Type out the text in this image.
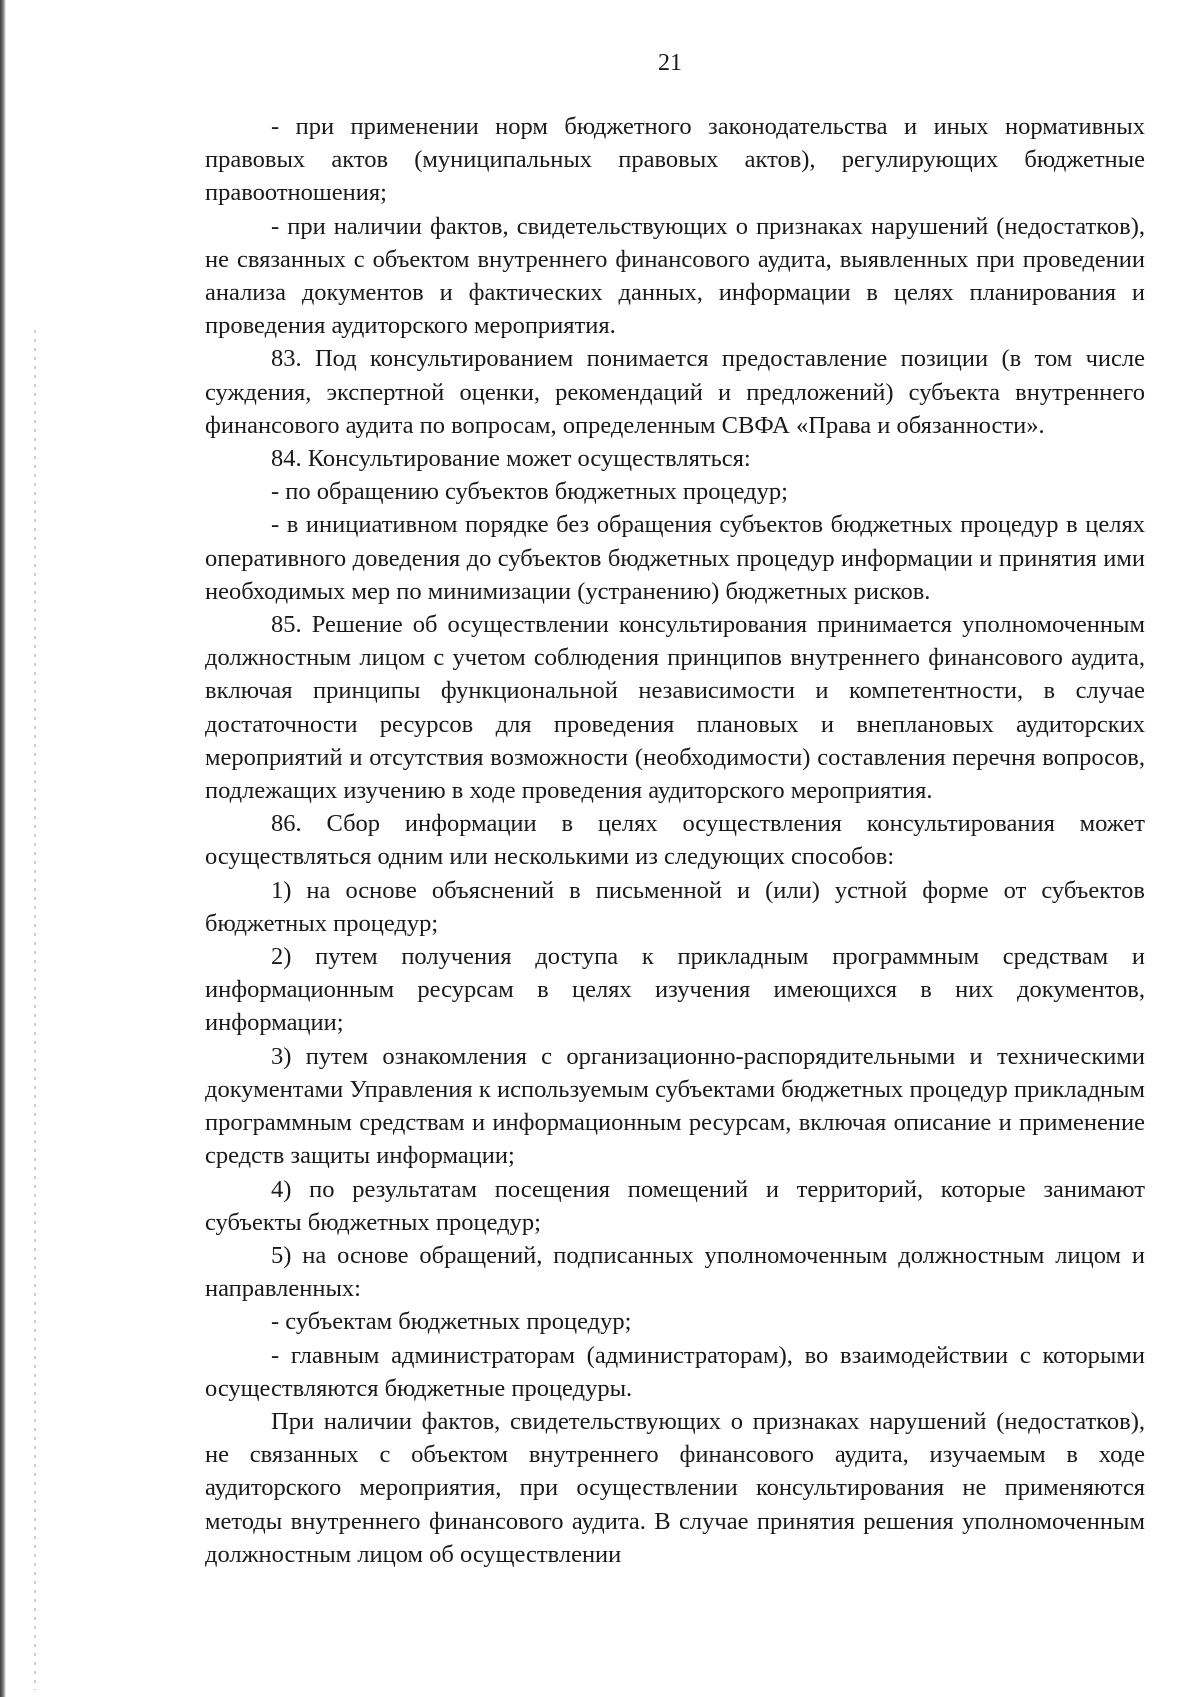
21

- при применении норм бюджетного законодательства и иных нормативных правовых актов (муниципальных правовых актов), регулирующих бюджетные правоотношения;

- при наличии фактов, свидетельствующих о признаках нарушений (недостатков), не связанных с объектом внутреннего финансового аудита, выявленных при проведении анализа документов и фактических данных, информации в целях планирования и проведения аудиторского мероприятия.

83. Под консультированием понимается предоставление позиции (в том числе суждения, экспертной оценки, рекомендаций и предложений) субъекта внутреннего финансового аудита по вопросам, определенным СВФА «Права и обязанности».

84. Консультирование может осуществляться:

- по обращению субъектов бюджетных процедур;

- в инициативном порядке без обращения субъектов бюджетных процедур в целях оперативного доведения до субъектов бюджетных процедур информации и принятия ими необходимых мер по минимизации (устранению) бюджетных рисков.

85. Решение об осуществлении консультирования принимается уполномоченным должностным лицом с учетом соблюдения принципов внутреннего финансового аудита, включая принципы функциональной независимости и компетентности, в случае достаточности ресурсов для проведения плановых и внеплановых аудиторских мероприятий и отсутствия возможности (необходимости) составления перечня вопросов, подлежащих изучению в ходе проведения аудиторского мероприятия.

86. Сбор информации в целях осуществления консультирования может осуществляться одним или несколькими из следующих способов:

1) на основе объяснений в письменной и (или) устной форме от субъектов бюджетных процедур;

2) путем получения доступа к прикладным программным средствам и информационным ресурсам в целях изучения имеющихся в них документов, информации;

3) путем ознакомления с организационно-распорядительными и техническими документами Управления к используемым субъектами бюджетных процедур прикладным программным средствам и информационным ресурсам, включая описание и применение средств защиты информации;

4) по результатам посещения помещений и территорий, которые занимают субъекты бюджетных процедур;

5) на основе обращений, подписанных уполномоченным должностным лицом и направленных:

- субъектам бюджетных процедур;

- главным администраторам (администраторам), во взаимодействии с которыми осуществляются бюджетные процедуры.

При наличии фактов, свидетельствующих о признаках нарушений (недостатков), не связанных с объектом внутреннего финансового аудита, изучаемым в ходе аудиторского мероприятия, при осуществлении консультирования не применяются методы внутреннего финансового аудита. В случае принятия решения уполномоченным должностным лицом об осуществлении
